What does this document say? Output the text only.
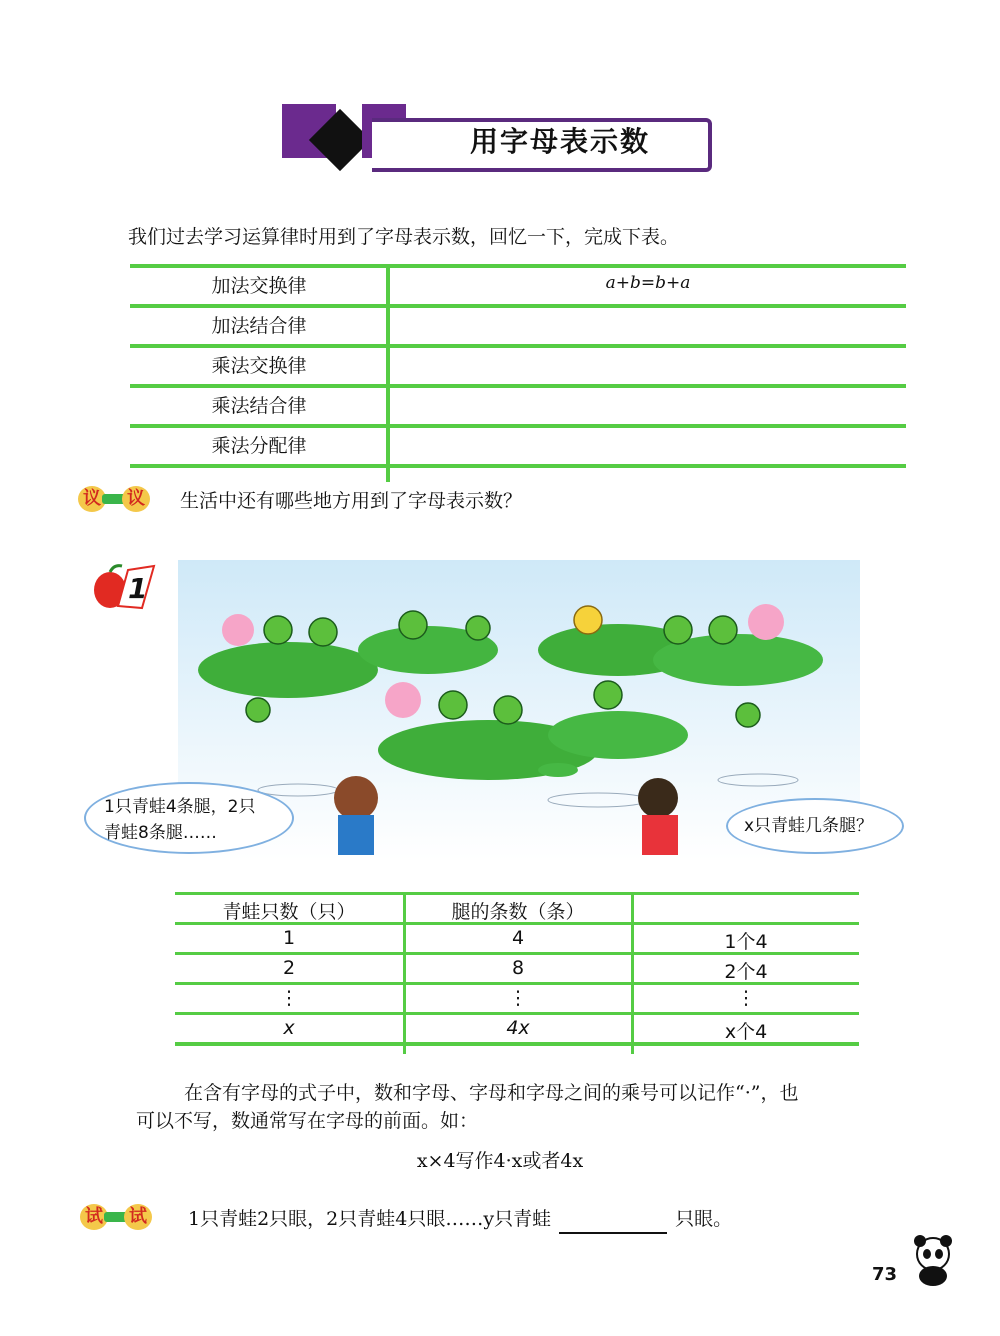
用字母表示数
我们过去学习运算律时用到了字母表示数，回忆一下，完成下表。
加法交换律	a+b=b+a
加法结合律
乘法交换律
乘法结合律
乘法分配律
议一 议 生活中还有哪些地方用到了字母表示数？
1
1只青蛙4条腿，2只
青蛙8条腿……	x只青蛙几条腿？
青蛙只数（只）	腿的条数（条）
1	4	1个4
2	8	2个4
⋮	⋮	⋮
x	4x	x个4
在含有字母的式子中，数和字母、字母和字母之间的乘号可以记作“·”，也
可以不写，数通常写在字母的前面。如：
x×4写作4·x或者4x
试一 试 1只青蛙2只眼，2只青蛙4只眼……y只青蛙	只眼。
73
